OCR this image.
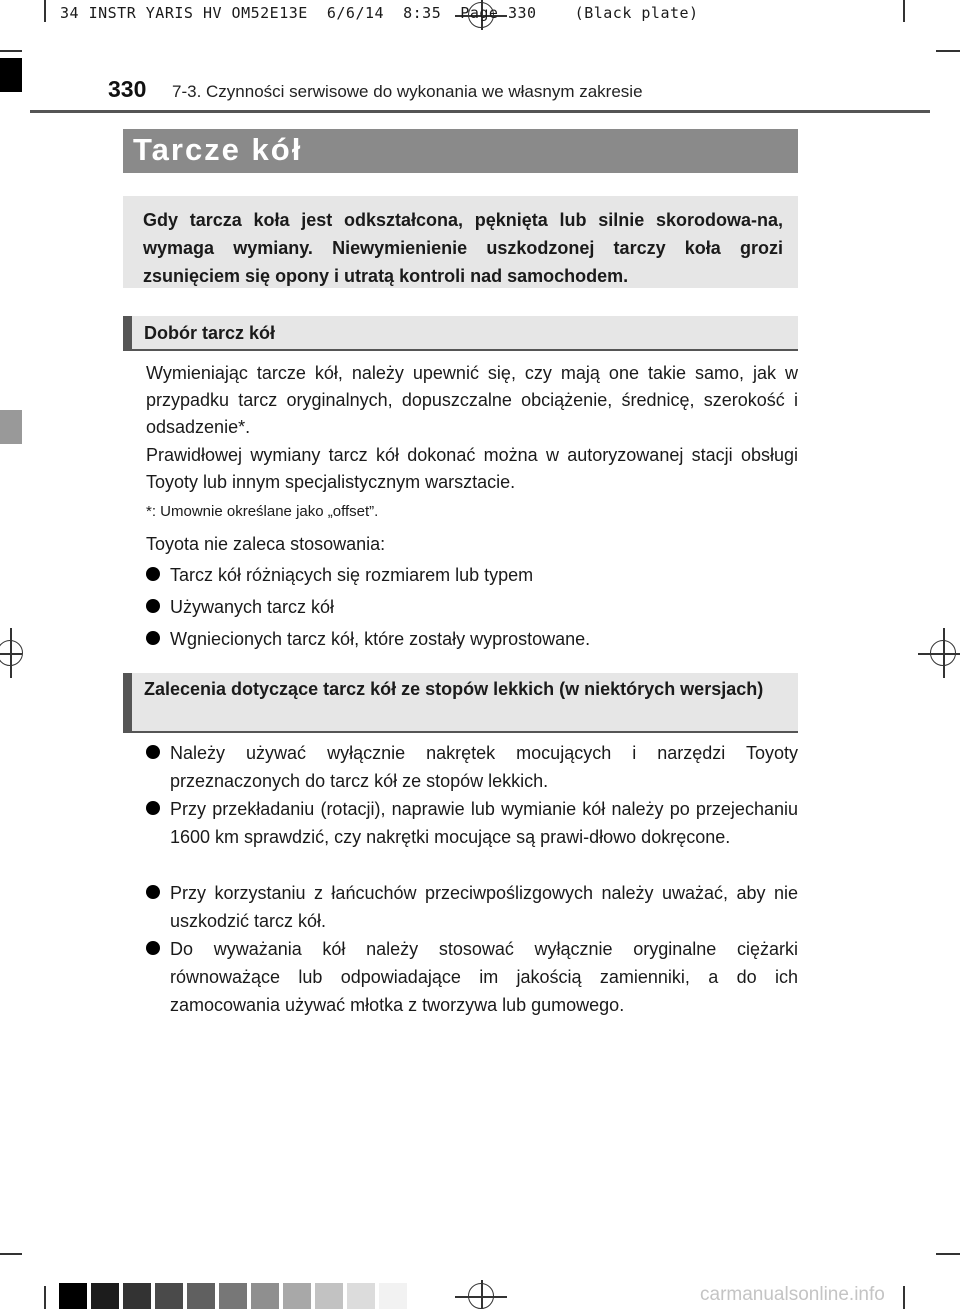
34 INSTR YARIS HV OM52E13E  6/6/14  8:35  Page 330    (Black plate)
330 7-3. Czynności serwisowe do wykonania we własnym zakresie
Tarcze kół
Gdy tarcza koła jest odkształcona, pęknięta lub silnie skorodowa-na, wymaga wymiany. Niewymienienie uszkodzonej tarczy koła grozi zsunięciem się opony i utratą kontroli nad samochodem.
Dobór tarcz kół
Wymieniając tarcze kół, należy upewnić się, czy mają one takie samo, jak w przypadku tarcz oryginalnych, dopuszczalne obciążenie, średnicę, szerokość i odsadzenie*.
Prawidłowej wymiany tarcz kół dokonać można w autoryzowanej stacji obsługi Toyoty lub innym specjalistycznym warsztacie.
*: Umownie określane jako „offset”.
Toyota nie zaleca stosowania:
Tarcz kół różniących się rozmiarem lub typem
Używanych tarcz kół
Wgniecionych tarcz kół, które zostały wyprostowane.
Zalecenia dotyczące tarcz kół ze stopów lekkich (w niektórych wersjach)
Należy używać wyłącznie nakrętek mocujących i narzędzi Toyoty przeznaczonych do tarcz kół ze stopów lekkich.
Przy przekładaniu (rotacji), naprawie lub wymianie kół należy po przejechaniu 1600 km sprawdzić, czy nakrętki mocujące są prawi-dłowo dokręcone.
Przy korzystaniu z łańcuchów przeciwpoślizgowych należy uważać, aby nie uszkodzić tarcz kół.
Do wyważania kół należy stosować wyłącznie oryginalne ciężarki równoważące lub odpowiadające im jakością zamienniki, a do ich zamocowania używać młotka z tworzywa lub gumowego.
carmanualsonline.info
